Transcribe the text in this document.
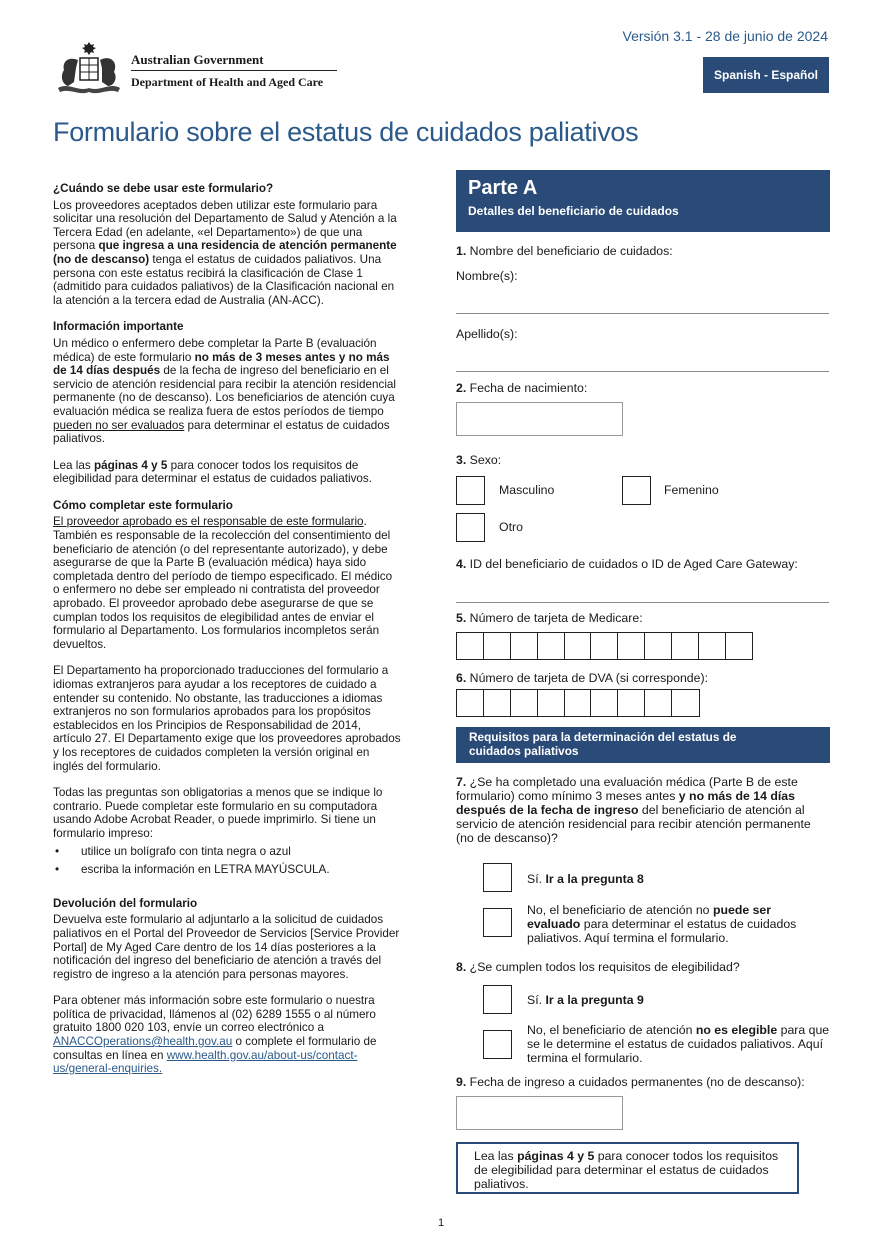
Australian Government
Department of Health and Aged Care
Versión 3.1 - 28 de junio de 2024
Spanish - Español
Formulario sobre el estatus de cuidados paliativos
¿Cuándo se debe usar este formulario?

Los proveedores aceptados deben utilizar este formulario para solicitar una resolución del Departamento de Salud y Atención a la Tercera Edad (en adelante, «el Departamento») de que una persona que ingresa a una residencia de atención permanente (no de descanso) tenga el estatus de cuidados paliativos. Una persona con este estatus recibirá la clasificación de Clase 1 (admitido para cuidados paliativos) de la Clasificación nacional en la atención a la tercera edad de Australia (AN-ACC).

Información importante

Un médico o enfermero debe completar la Parte B (evaluación médica) de este formulario no más de 3 meses antes y no más de 14 días después de la fecha de ingreso del beneficiario en el servicio de atención residencial para recibir la atención residencial permanente (no de descanso). Los beneficiarios de atención cuya evaluación médica se realiza fuera de estos períodos de tiempo pueden no ser evaluados para determinar el estatus de cuidados paliativos.

Lea las páginas 4 y 5 para conocer todos los requisitos de elegibilidad para determinar el estatus de cuidados paliativos.

Cómo completar este formulario

El proveedor aprobado es el responsable de este formulario. También es responsable de la recolección del consentimiento del beneficiario de atención (o del representante autorizado), y debe asegurarse de que la Parte B (evaluación médica) haya sido completada dentro del período de tiempo especificado. El médico o enfermero no debe ser empleado ni contratista del proveedor aprobado. El proveedor aprobado debe asegurarse de que se cumplan todos los requisitos de elegibilidad antes de enviar el formulario al Departamento. Los formularios incompletos serán devueltos.

El Departamento ha proporcionado traducciones del formulario a idiomas extranjeros para ayudar a los receptores de cuidado a entender su contenido. No obstante, las traducciones a idiomas extranjeros no son formularios aprobados para los propósitos establecidos en los Principios de Responsabilidad de 2014, artículo 27. El Departamento exige que los proveedores aprobados y los receptores de cuidados completen la versión original en inglés del formulario.

Todas las preguntas son obligatorias a menos que se indique lo contrario. Puede completar este formulario en su computadora usando Adobe Acrobat Reader, o puede imprimirlo. Si tiene un formulario impreso:

• utilice un bolígrafo con tinta negra o azul
• escriba la información en LETRA MAYÚSCULA.
Devolución del formulario

Devuelva este formulario al adjuntarlo a la solicitud de cuidados paliativos en el Portal del Proveedor de Servicios [Service Provider Portal] de My Aged Care dentro de los 14 días posteriores a la notificación del ingreso del beneficiario de atención a través del registro de ingreso a la atención para personas mayores.

Para obtener más información sobre este formulario o nuestra política de privacidad, llámenos al (02) 6289 1555 o al número gratuito 1800 020 103, envíe un correo electrónico a ANACCOperations@health.gov.au o complete el formulario de consultas en línea en www.health.gov.au/about-us/contact-us/general-enquiries.

Parte A
Detalles del beneficiario de cuidados
1. Nombre del beneficiario de cuidados:
Nombre(s):
Apellido(s):
2. Fecha de nacimiento:
3. Sexo:
Masculino	Femenino
Otro
4. ID del beneficiario de cuidados o ID de Aged Care Gateway:
5. Número de tarjeta de Medicare:
6. Número de tarjeta de DVA (si corresponde):
Requisitos para la determinación del estatus de cuidados paliativos
7. ¿Se ha completado una evaluación médica (Parte B de este formulario) como mínimo 3 meses antes y no más de 14 días después de la fecha de ingreso del beneficiario de atención al servicio de atención residencial para recibir atención permanente (no de descanso)?
Sí. Ir a la pregunta 8
No, el beneficiario de atención no puede ser evaluado para determinar el estatus de cuidados paliativos. Aquí termina el formulario.
8. ¿Se cumplen todos los requisitos de elegibilidad?
Sí. Ir a la pregunta 9
No, el beneficiario de atención no es elegible para que se le determine el estatus de cuidados paliativos. Aquí termina el formulario.
9. Fecha de ingreso a cuidados permanentes (no de descanso):
Lea las páginas 4 y 5 para conocer todos los requisitos de elegibilidad para determinar el estatus de cuidados paliativos.
1
